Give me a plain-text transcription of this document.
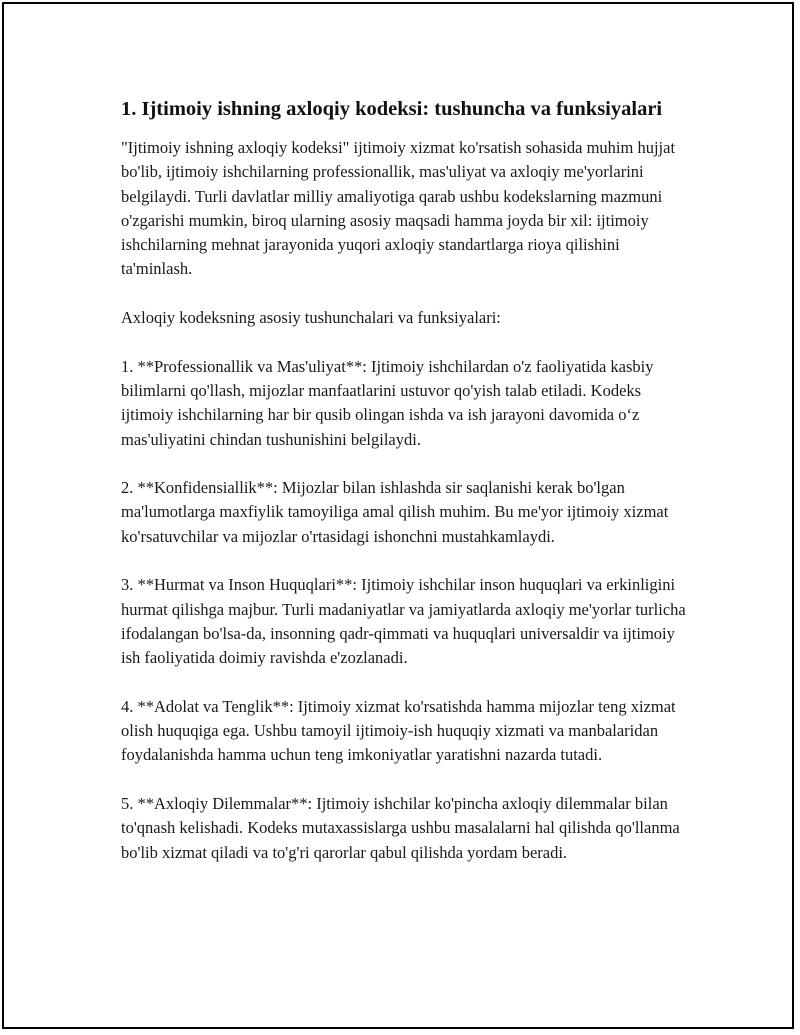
1. Ijtimoiy ishning axloqiy kodeksi: tushuncha va funksiyalari

"Ijtimoiy ishning axloqiy kodeksi" ijtimoiy xizmat ko'rsatish sohasida muhim hujjat bo'lib, ijtimoiy ishchilarning professionallik, mas'uliyat va axloqiy me'yorlarini belgilaydi. Turli davlatlar milliy amaliyotiga qarab ushbu kodekslarning mazmuni o'zgarishi mumkin, biroq ularning asosiy maqsadi hamma joyda bir xil: ijtimoiy ishchilarning mehnat jarayonida yuqori axloqiy standartlarga rioya qilishini ta'minlash.

Axloqiy kodeksning asosiy tushunchalari va funksiyalari:

1. **Professionallik va Mas'uliyat**: Ijtimoiy ishchilardan o'z faoliyatida kasbiy bilimlarni qo'llash, mijozlar manfaatlarini ustuvor qo'yish talab etiladi. Kodeks ijtimoiy ishchilarning har bir qusib olingan ishda va ish jarayoni davomida o‘z mas'uliyatini chindan tushunishini belgilaydi.

2. **Konfidensiallik**: Mijozlar bilan ishlashda sir saqlanishi kerak bo'lgan ma'lumotlarga maxfiylik tamoyiliga amal qilish muhim. Bu me'yor ijtimoiy xizmat ko'rsatuvchilar va mijozlar o'rtasidagi ishonchni mustahkamlaydi.

3. **Hurmat va Inson Huquqlari**: Ijtimoiy ishchilar inson huquqlari va erkinligini hurmat qilishga majbur. Turli madaniyatlar va jamiyatlarda axloqiy me'yorlar turlicha ifodalangan bo'lsa-da, insonning qadr-qimmati va huquqlari universaldir va ijtimoiy ish faoliyatida doimiy ravishda e'zozlanadi.

4. **Adolat va Tenglik**: Ijtimoiy xizmat ko'rsatishda hamma mijozlar teng xizmat olish huquqiga ega. Ushbu tamoyil ijtimoiy-ish huquqiy xizmati va manbalaridan foydalanishda hamma uchun teng imkoniyatlar yaratishni nazarda tutadi.

5. **Axloqiy Dilemmalar**: Ijtimoiy ishchilar ko'pincha axloqiy dilemmalar bilan to'qnash kelishadi. Kodeks mutaxassislarga ushbu masalalarni hal qilishda qo'llanma bo'lib xizmat qiladi va to'g'ri qarorlar qabul qilishda yordam beradi.
